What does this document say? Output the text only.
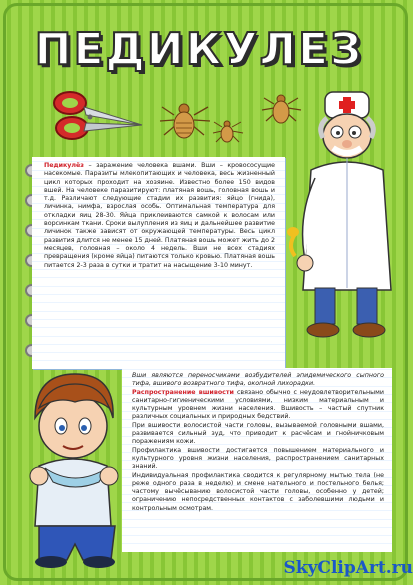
ПЕДИКУЛЕЗ

Педикулёз – заражение человека вшами. Вши – кровососущие насекомые. Паразиты млекопитающих и человека, весь жизненный цикл которых проходит на хозяине. Известно более 150 видов вшей. На человеке паразитируют: платяная вошь, головная вошь и т.д. Различают следующие стадии их развития: яйцо (гнида), личинка, нимфа, взрослая особь. Оптимальная температура для откладки яиц 28-30. Яйца приклеиваются самкой к волосам или ворсинкам ткани. Сроки вылупления из яиц и дальнейшее развитие личинок также зависят от окружающей температуры. Весь цикл развития длится не менее 15 дней. Платяная вошь может жить до 2 месяцев, головная – около 4 недель. Вши не всех стадиях превращения (кроме яйца) питаются только кровью. Платяная вошь питается 2-3 раза в сутки и тратит на насыщение 3-10 минут.

Вши являются переносчиками возбудителей эпидемического сыпного тифа, вшивого возвратного тифа, окопной лихорадки.

Распространение вшивости связано обычно с неудовлетворительными санитарно-гигиеническими условиями, низким материальным и культурным уровнем жизни населения. Вшивость – частый спутник различных социальных и природных бедствий.

При вшивости волосистой части головы, вызываемой головными вшами, развивается сильный зуд, что приводит к расчёсам и гнойничковым поражениям кожи.

Профилактика вшивости достигается повышением материального и культурного уровня жизни населения, распространением санитарных знаний.

Индивидуальная профилактика сводится к регулярному мытью тела (не реже одного раза в неделю) и смене нательного и постельного белья; частому вычёсыванию волосистой части головы, особенно у детей; ограничению непосредственных контактов с заболевшими людьми и контрольным осмотрам.

SkyClipArt.ru
